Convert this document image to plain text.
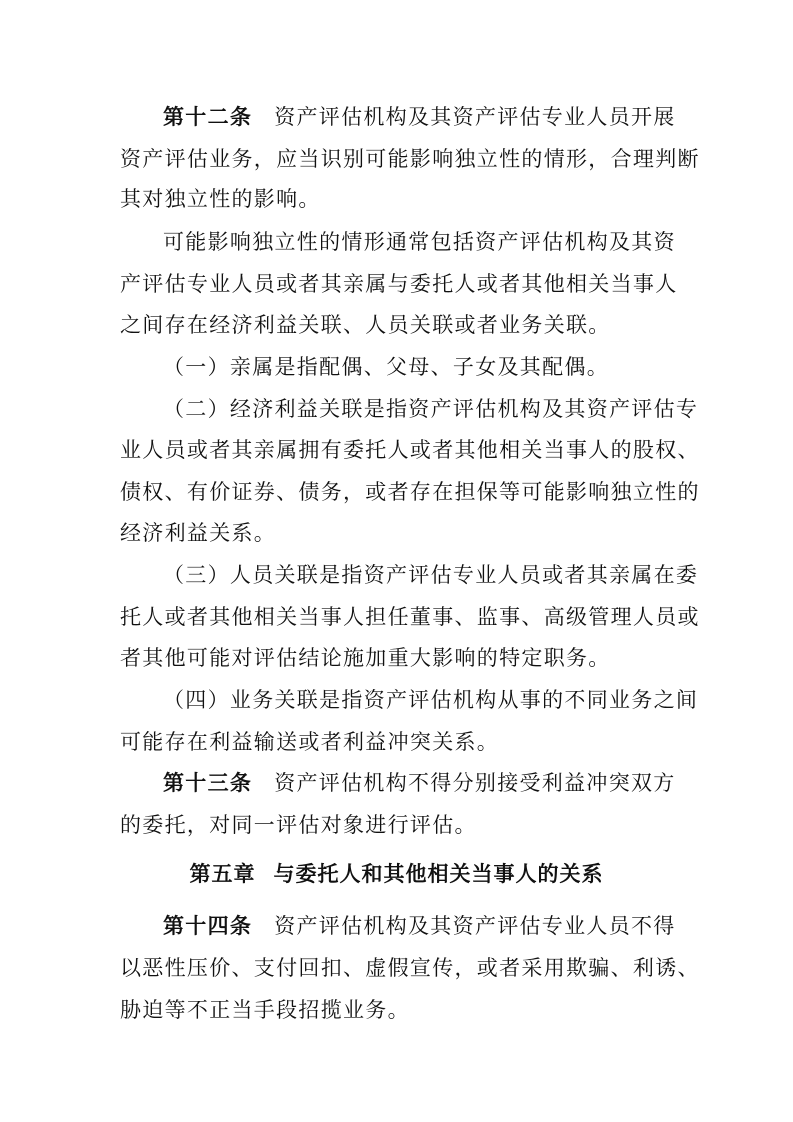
第十二条 资产评估机构及其资产评估专业人员开展
资产评估业务，应当识别可能影响独立性的情形，合理判断
其对独立性的影响。
可能影响独立性的情形通常包括资产评估机构及其资
产评估专业人员或者其亲属与委托人或者其他相关当事人
之间存在经济利益关联、人员关联或者业务关联。
（一）亲属是指配偶、父母、子女及其配偶。
（二）经济利益关联是指资产评估机构及其资产评估专
业人员或者其亲属拥有委托人或者其他相关当事人的股权、
债权、有价证券、债务，或者存在担保等可能影响独立性的
经济利益关系。
（三）人员关联是指资产评估专业人员或者其亲属在委
托人或者其他相关当事人担任董事、监事、高级管理人员或
者其他可能对评估结论施加重大影响的特定职务。
（四）业务关联是指资产评估机构从事的不同业务之间
可能存在利益输送或者利益冲突关系。
第十三条 资产评估机构不得分别接受利益冲突双方
的委托，对同一评估对象进行评估。
第五章 与委托人和其他相关当事人的关系
第十四条 资产评估机构及其资产评估专业人员不得
以恶性压价、支付回扣、虚假宣传，或者采用欺骗、利诱、
胁迫等不正当手段招揽业务。
